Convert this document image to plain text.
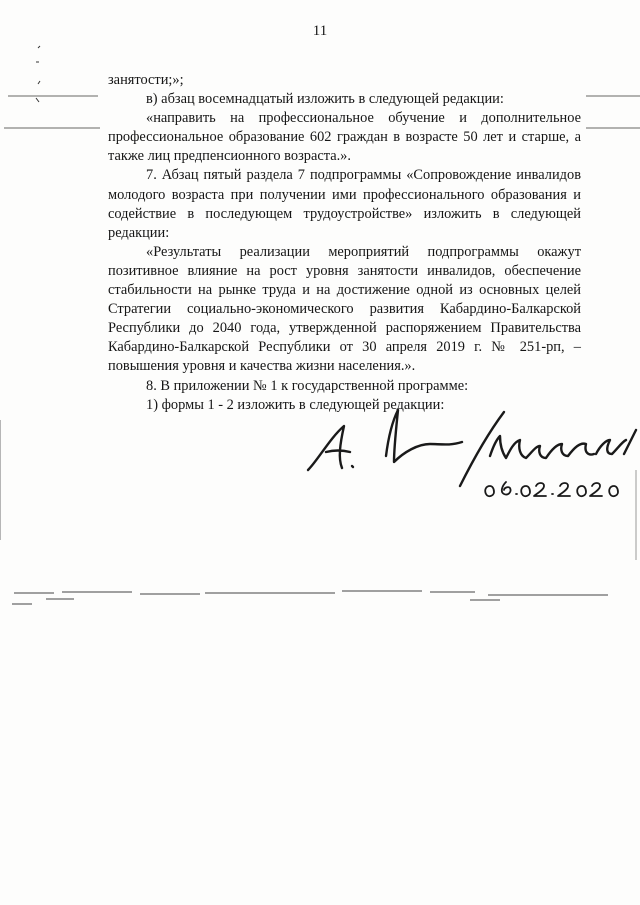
11

занятости;»;

в) абзац восемнадцатый изложить в следующей редакции:

«направить на профессиональное обучение и дополнительное профессиональное образование 602 граждан в возрасте 50 лет и старше, а также лиц предпенсионного возраста.».

7. Абзац пятый раздела 7 подпрограммы «Сопровождение инвалидов молодого возраста при получении ими профессионального образования и содействие в последующем трудоустройстве» изложить в следующей редакции:

«Результаты реализации мероприятий подпрограммы окажут позитивное влияние на рост уровня занятости инвалидов, обеспечение стабильности на рынке труда и на достижение одной из основных целей Стратегии социально-экономического развития Кабардино-Балкарской Республики до 2040 года, утвержденной распоряжением Правительства Кабардино-Балкарской Республики от 30 апреля 2019 г. № 251-рп, – повышения уровня и качества жизни населения.».

8. В приложении № 1 к государственной программе:

1) формы 1 - 2 изложить в следующей редакции:
